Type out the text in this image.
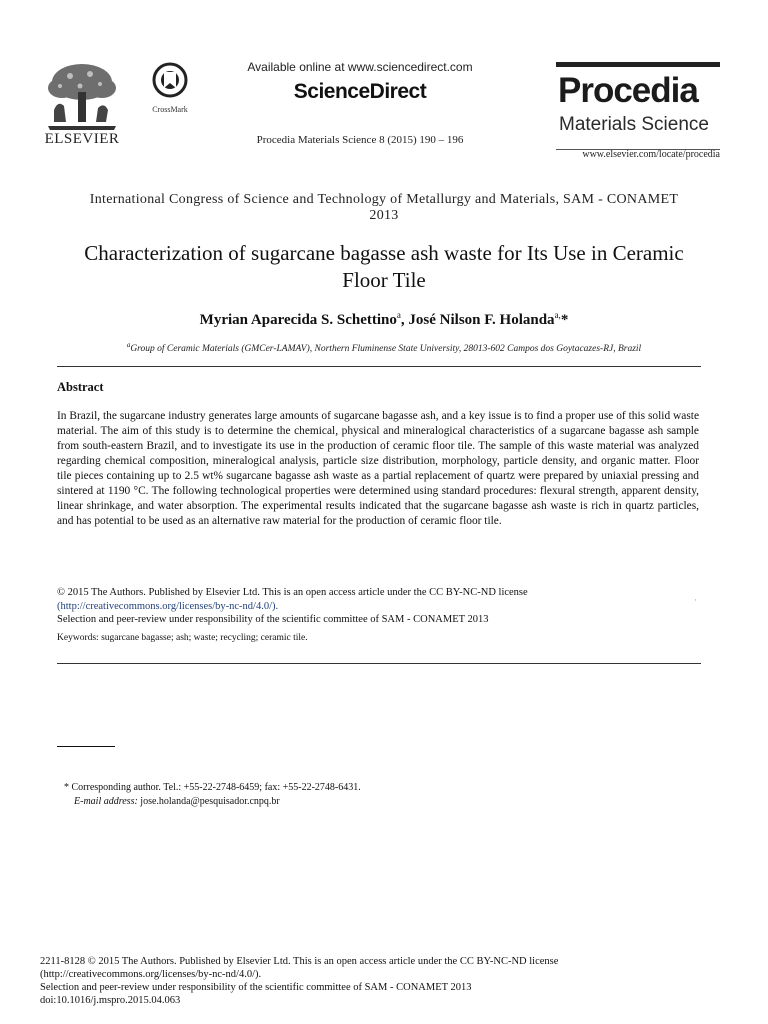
ELSEVIER
CrossMark
Available online at www.sciencedirect.com
ScienceDirect
Procedia Materials Science 8 (2015) 190 – 196
Procedia
Materials Science
www.elsevier.com/locate/procedia
International Congress of Science and Technology of Metallurgy and Materials, SAM - CONAMET 2013
Characterization of sugarcane bagasse ash waste for Its Use in Ceramic Floor Tile
Myrian Aparecida S. Schettino$^a$, José Nilson F. Holanda$^{a,}$*
$^a$Group of Ceramic Materials (GMCer-LAMAV), Northern Fluminense State University, 28013-602 Campos dos Goytacazes-RJ, Brazil
Abstract
In Brazil, the sugarcane industry generates large amounts of sugarcane bagasse ash, and a key issue is to find a proper use of this solid waste material. The aim of this study is to determine the chemical, physical and mineralogical characteristics of a sugarcane bagasse ash sample from south-eastern Brazil, and to investigate its use in the production of ceramic floor tile. The sample of this waste material was analyzed regarding chemical composition, mineralogical analysis, particle size distribution, morphology, particle density, and organic matter. Floor tile pieces containing up to 2.5 wt% sugarcane bagasse ash waste as a partial replacement of quartz were prepared by uniaxial pressing and sintered at 1190 °C. The following technological properties were determined using standard procedures: flexural strength, apparent density, linear shrinkage, and water absorption. The experimental results indicated that the sugarcane bagasse ash waste is rich in quartz particles, and has potential to be used as an alternative raw material for the production of ceramic floor tile.
© 2015 The Authors. Published by Elsevier Ltd. This is an open access article under the CC BY-NC-ND license
(http://creativecommons.org/licenses/by-nc-nd/4.0/).
Selection and peer-review under responsibility of the scientific committee of SAM - CONAMET 2013
·
Keywords: sugarcane bagasse; ash; waste; recycling; ceramic tile.
* Corresponding author. Tel.: +55-22-2748-6459; fax: +55-22-2748-6431.
E-mail address: jose.holanda@pesquisador.cnpq.br
2211-8128 © 2015 The Authors. Published by Elsevier Ltd. This is an open access article under the CC BY-NC-ND license
(http://creativecommons.org/licenses/by-nc-nd/4.0/).
Selection and peer-review under responsibility of the scientific committee of SAM - CONAMET 2013
doi:10.1016/j.mspro.2015.04.063
